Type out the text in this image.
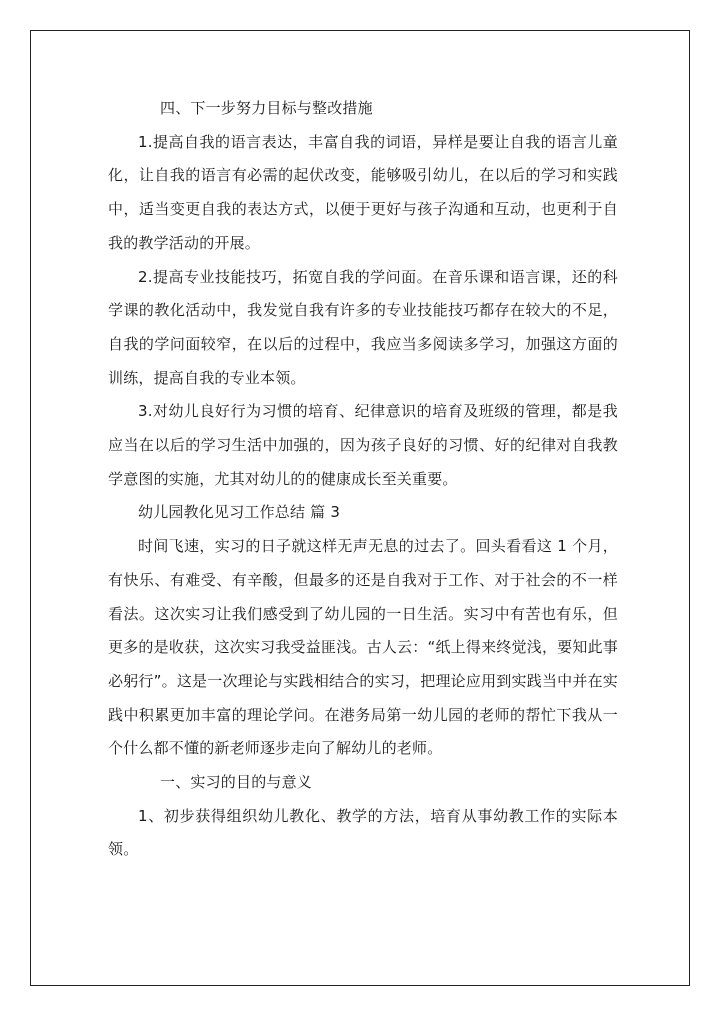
四、下一步努力目标与整改措施

1.提高自我的语言表达，丰富自我的词语，异样是要让自我的语言儿童化，让自我的语言有必需的起伏改变，能够吸引幼儿，在以后的学习和实践中，适当变更自我的表达方式，以便于更好与孩子沟通和互动，也更利于自我的教学活动的开展。

2.提高专业技能技巧，拓宽自我的学问面。在音乐课和语言课，还的科学课的教化活动中，我发觉自我有许多的专业技能技巧都存在较大的不足，自我的学问面较窄，在以后的过程中，我应当多阅读多学习，加强这方面的训练，提高自我的专业本领。

3.对幼儿良好行为习惯的培育、纪律意识的培育及班级的管理，都是我应当在以后的学习生活中加强的，因为孩子良好的习惯、好的纪律对自我教学意图的实施，尤其对幼儿的的健康成长至关重要。

幼儿园教化见习工作总结 篇 3

时间飞速，实习的日子就这样无声无息的过去了。回头看看这 1 个月，有快乐、有难受、有辛酸，但最多的还是自我对于工作、对于社会的不一样看法。这次实习让我们感受到了幼儿园的一日生活。实习中有苦也有乐，但更多的是收获，这次实习我受益匪浅。古人云：“纸上得来终觉浅，要知此事必躬行”。这是一次理论与实践相结合的实习，把理论应用到实践当中并在实践中积累更加丰富的理论学问。在港务局第一幼儿园的老师的帮忙下我从一个什么都不懂的新老师逐步走向了解幼儿的老师。

一、实习的目的与意义

1、初步获得组织幼儿教化、教学的方法，培育从事幼教工作的实际本领。
